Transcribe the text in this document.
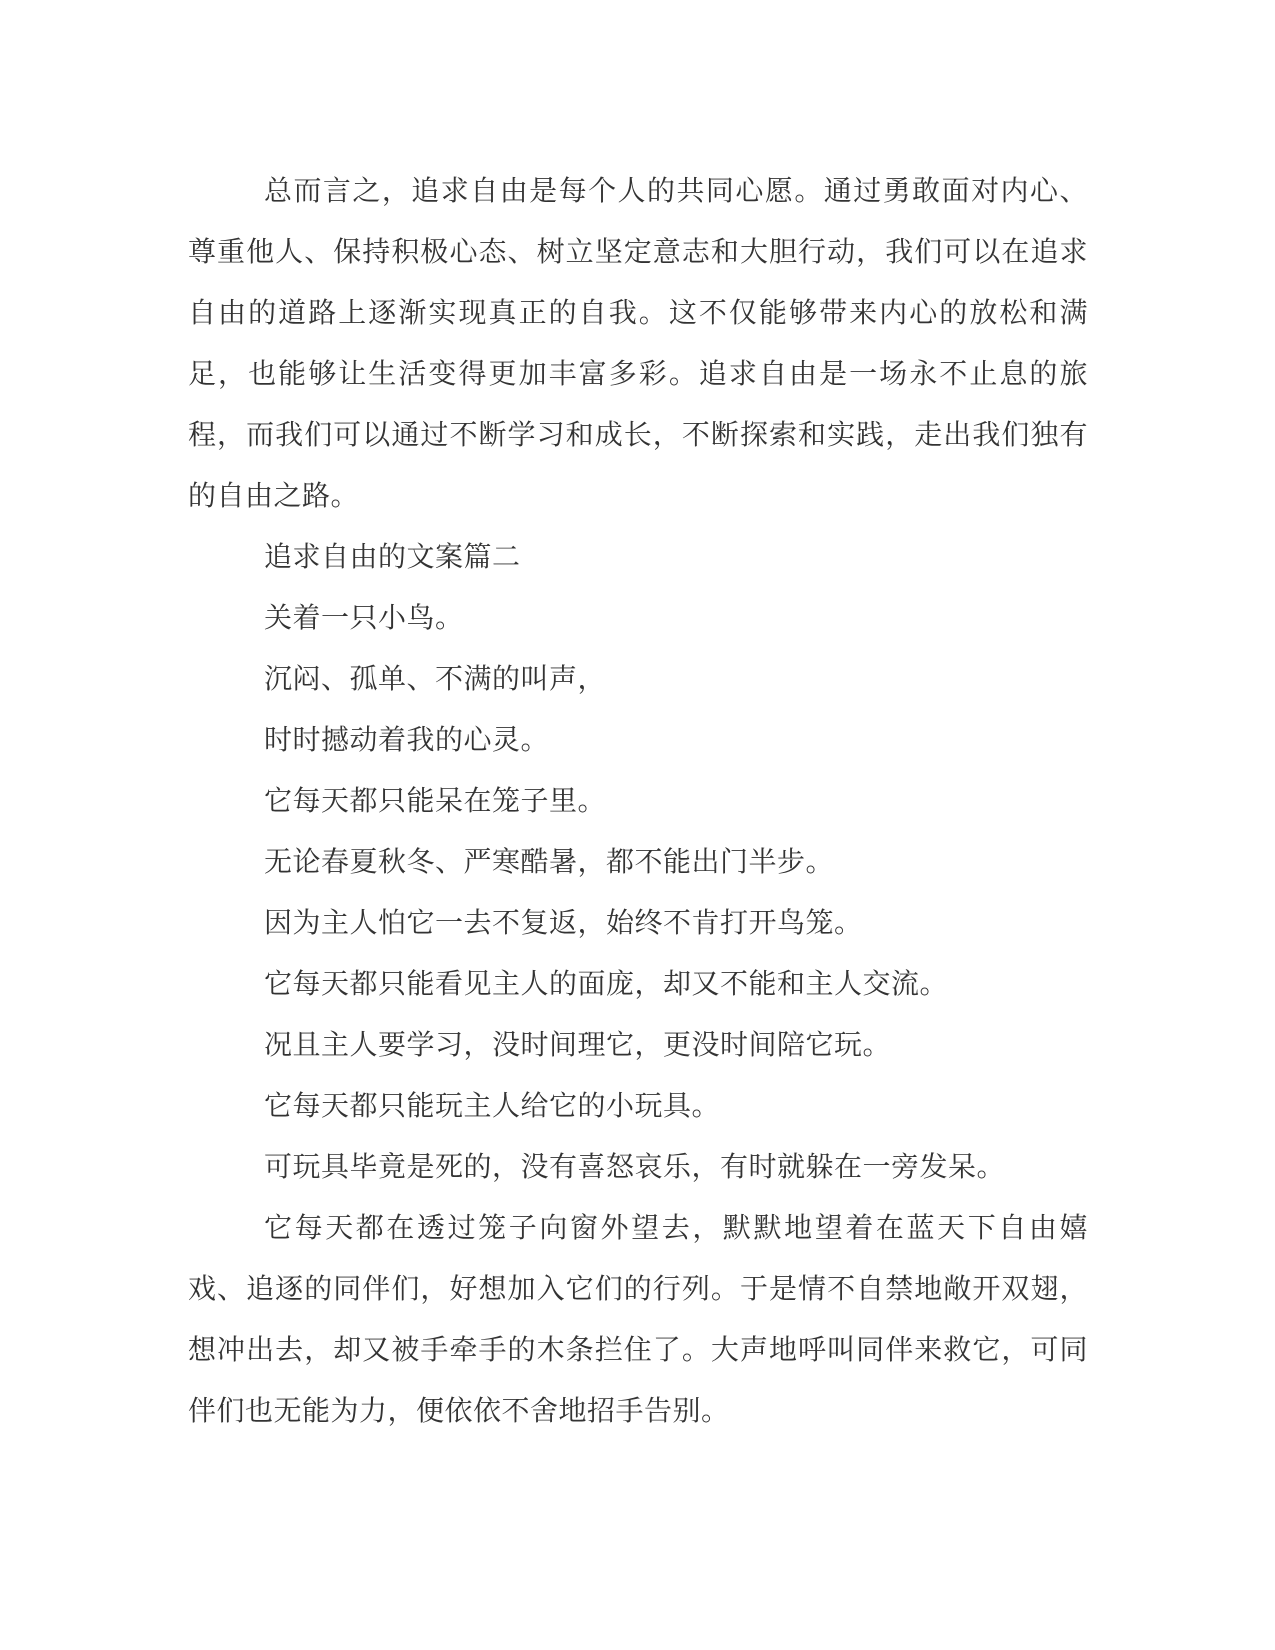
总而言之，追求自由是每个人的共同心愿。通过勇敢面对内心、尊重他人、保持积极心态、树立坚定意志和大胆行动，我们可以在追求自由的道路上逐渐实现真正的自我。这不仅能够带来内心的放松和满足，也能够让生活变得更加丰富多彩。追求自由是一场永不止息的旅程，而我们可以通过不断学习和成长，不断探索和实践，走出我们独有的自由之路。

追求自由的文案篇二

关着一只小鸟。

沉闷、孤单、不满的叫声，

时时撼动着我的心灵。

它每天都只能呆在笼子里。

无论春夏秋冬、严寒酷暑，都不能出门半步。

因为主人怕它一去不复返，始终不肯打开鸟笼。

它每天都只能看见主人的面庞，却又不能和主人交流。

况且主人要学习，没时间理它，更没时间陪它玩。

它每天都只能玩主人给它的小玩具。

可玩具毕竟是死的，没有喜怒哀乐，有时就躲在一旁发呆。

它每天都在透过笼子向窗外望去，默默地望着在蓝天下自由嬉戏、追逐的同伴们，好想加入它们的行列。于是情不自禁地敞开双翅，想冲出去，却又被手牵手的木条拦住了。大声地呼叫同伴来救它，可同伴们也无能为力，便依依不舍地招手告别。
